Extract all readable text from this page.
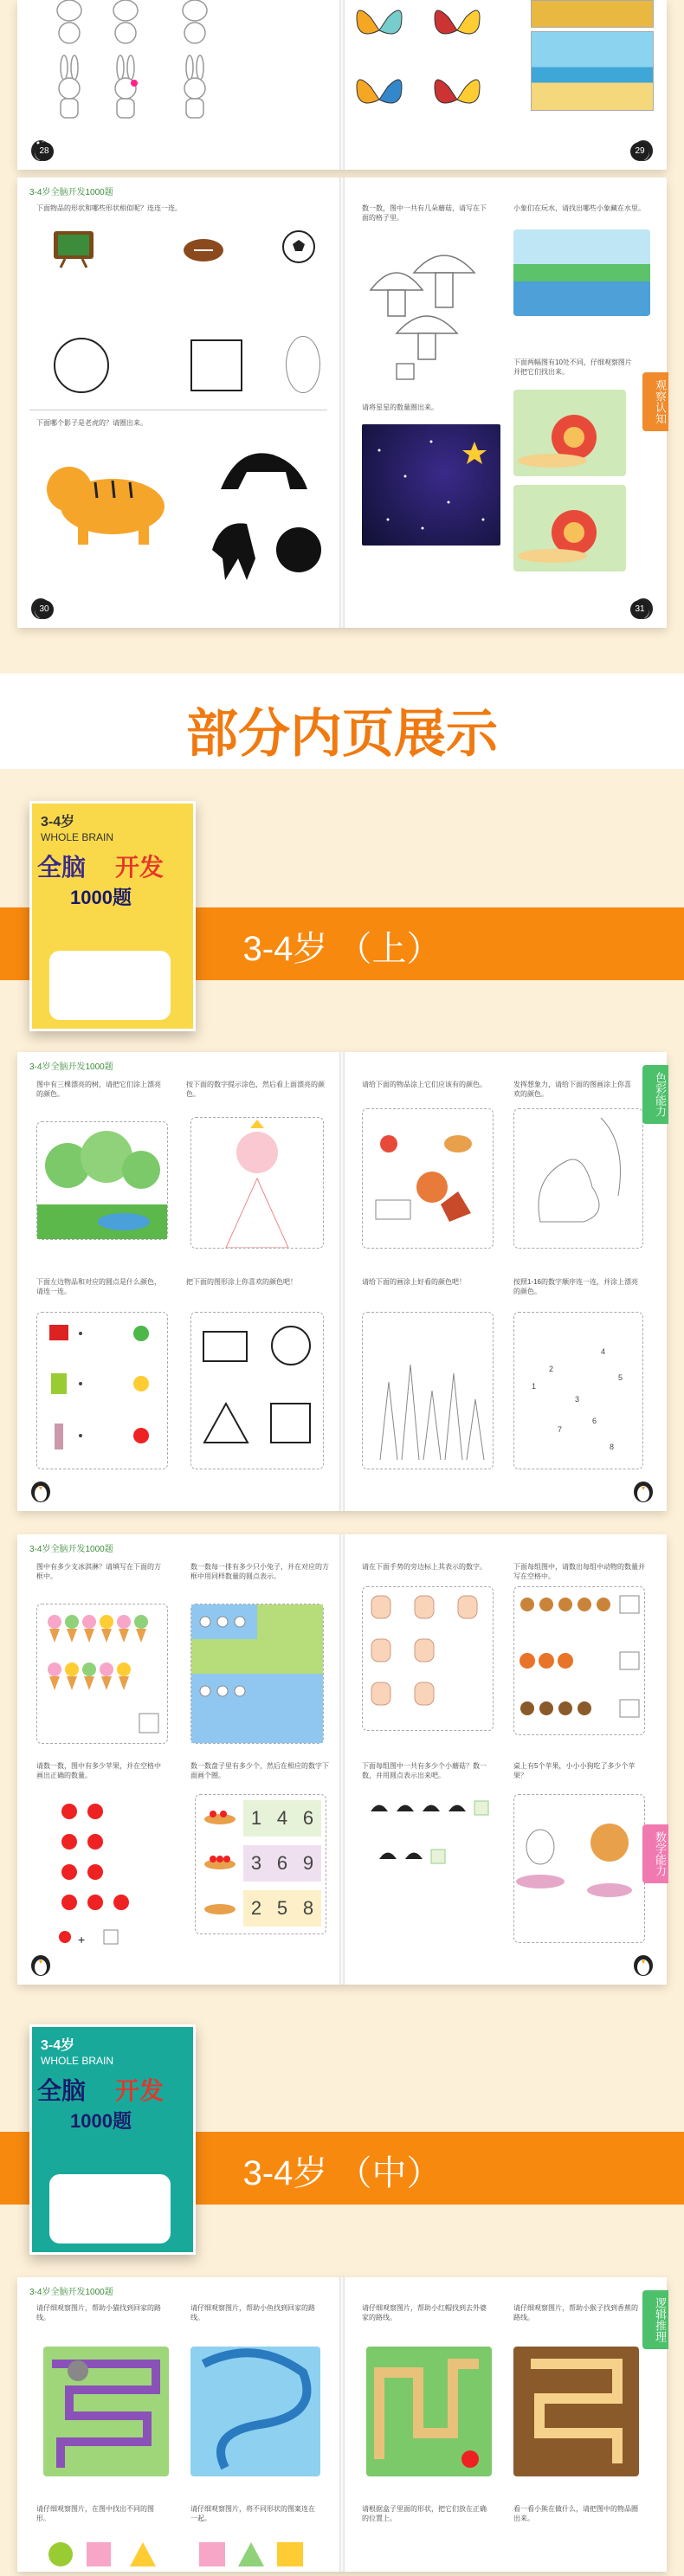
28	29
3-4岁全脑开发1000题
下面物品的形状和哪些形状相似呢？连连一连。
下面哪个影子是老虎的？请圈出来。
30
数一数，图中一共有几朵蘑菇，请写在下面的格子里。
小象们在玩水，请找出哪些小象藏在水里。
下面两幅图有10处不同，仔细观察图片并把它们找出来。
请将星星的数量圈出来。	观察认知
31
部分内页展示
3-4岁 （上）
3-4岁
WHOLE BRAIN
全脑 开发
1000题
3-4岁全脑开发1000题
图中有三棵漂亮的树，请把它们涂上漂亮的颜色。
按下面的数字提示涂色，然后看上面漂亮的颜色。
下面左边物品和对应的圆点是什么颜色，请连一连。
把下面的图形涂上你喜欢的颜色吧！
请给下面的物品涂上它们应该有的颜色。	发挥想象力，请给下面的图画涂上你喜欢的颜色。
请给下面的画涂上好看的颜色吧！	按照1-16的数字顺序连一连，并涂上漂亮的颜色。
1
2
3
4
5
6
7
8
色彩能力
3-4岁全脑开发1000题
图中有多少支冰淇淋？请填写在下面的方框中。
数一数每一排有多少只小兔子，并在对应的方框中用同样数量的圆点表示。
请数一数，图中有多少苹果，并在空格中画出正确的数量。
+
数一数盘子里有多少个，然后在相应的数字下面画个圈。
1 4 6
3 6 9
2 5 8
请在下面手势的旁边标上其表示的数字。	下面每组图中，请数出每组中动物的数量并写在空格中。
下面每组图中一共有多少个小蘑菇？数一数，并用圆点表示出来吧。
桌上有5个苹果，小小小狗吃了多少个苹果？
数学能力
3-4岁 （中）
3-4岁
WHOLE BRAIN
全脑 开发
1000题
3-4岁全脑开发1000题
请仔细观察图片，帮助小猫找到回家的路线。
请仔细观察图片，帮助小鱼找到回家的路线。
请仔细观察图片，在图中找出不同的图形。
请仔细观察图片，将不同形状的图案连在一起。
请仔细观察图片，帮助小红帽找到去外婆家的路线。
请仔细观察图片，帮助小猴子找到香蕉的路线。
请根据盒子里面的形状，把它们放在正确的位置上。
看一看小熊在做什么，请把图中的物品圈出来。
逻辑推理
